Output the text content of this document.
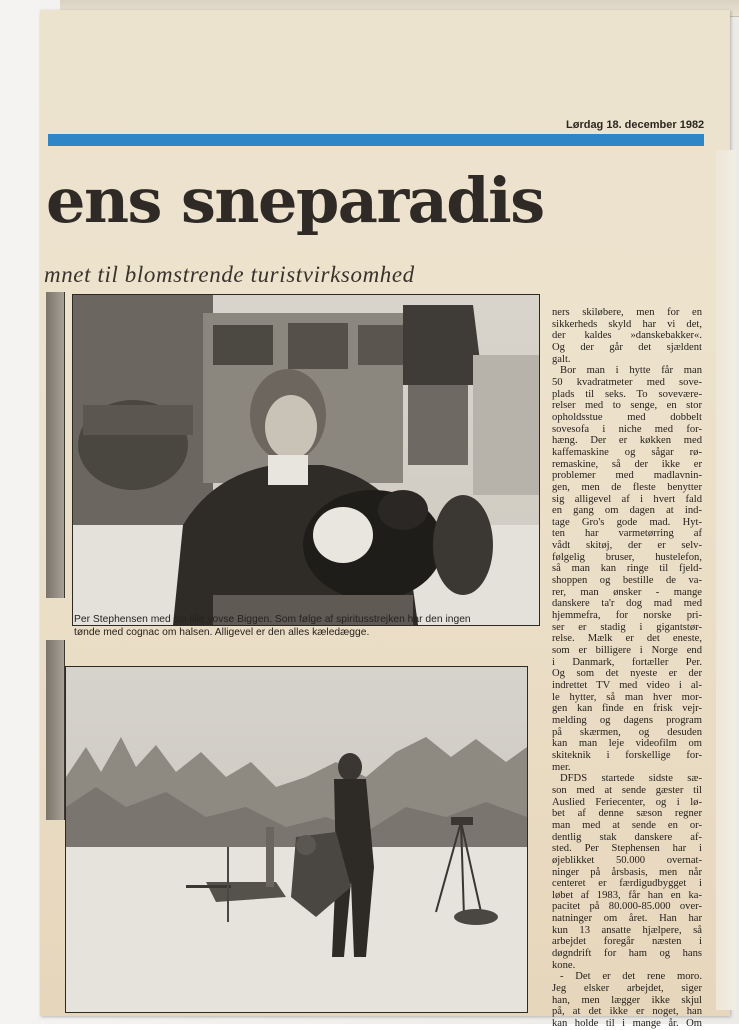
Lørdag 18. december 1982
ens sneparadis
mnet til blomstrende turistvirksomhed
Per Stephensen med sin lille vovse Biggen. Som følge af spiritusstrejken har den ingen
tønde med cognac om halsen. Alligevel er den alles kæledægge.
ners skiløbere, men for en
sikkerheds skyld har vi det,
der kaldes »danskebakker«.
Og der går det sjældent
galt.
Bor man i hytte får man
50 kvadratmeter med sove-
plads til seks. To sovevære-
relser med to senge, en stor
opholdsstue med dobbelt
sovesofa i niche med for-
hæng. Der er køkken med
kaffemaskine og sågar rø-
remaskine, så der ikke er
problemer med madlavnin-
gen, men de fleste benytter
sig alligevel af i hvert fald
en gang om dagen at ind-
tage Gro's gode mad. Hyt-
ten har varmetørring af
vådt skitøj, der er selv-
følgelig bruser, hustelefon,
så man kan ringe til fjeld-
shoppen og bestille de va-
rer, man ønsker - mange
danskere ta'r dog mad med
hjemmefra, for norske pri-
ser er stadig i gigantstør-
relse. Mælk er det eneste,
som er billigere i Norge end
i Danmark, fortæller Per.
Og som det nyeste er der
indrettet TV med video i al-
le hytter, så man hver mor-
gen kan finde en frisk vejr-
melding og dagens program
på skærmen, og desuden
kan man leje videofilm om
skiteknik i forskellige for-
mer.
DFDS startede sidste sæ-
son med at sende gæster til
Auslied Feriecenter, og i lø-
bet af denne sæson regner
man med at sende en or-
dentlig stak danskere af-
sted. Per Stephensen har i
øjeblikket 50.000 overnat-
ninger på årsbasis, men når
centeret er færdigudbygget i
løbet af 1983, får han en ka-
pacitet på 80.000-85.000 over-
natninger om året. Han har
kun 13 ansatte hjælpere, så
arbejdet foregår næsten i
døgndrift for ham og hans
kone.
- Det er det rene moro.
Jeg elsker arbejdet, siger
han, men lægger ikke skjul
på, at det ikke er noget, han
kan holde til i mange år. Om
